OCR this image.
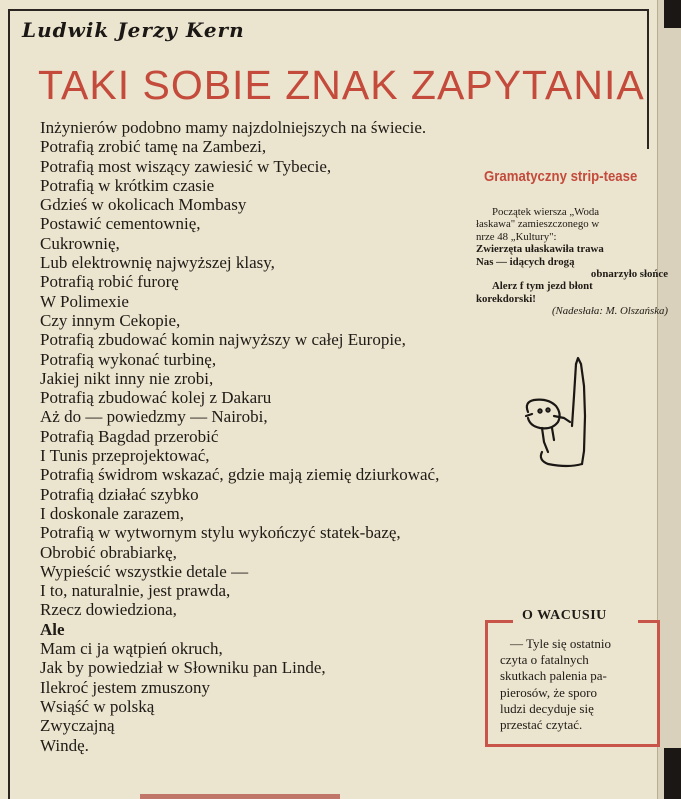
Ludwik Jerzy Kern
TAKI SOBIE ZNAK ZAPYTANIA
Inżynierów podobno mamy najzdolniejszych na świecie.
Potrafią zrobić tamę na Zambezi,
Potrafią most wiszący zawiesić w Tybecie,
Potrafią w krótkim czasie
Gdzieś w okolicach Mombasy
Postawić cementownię,
Cukrownię,
Lub elektrownię najwyższej klasy,
Potrafią robić furorę
W Polimexie
Czy innym Cekopie,
Potrafią zbudować komin najwyższy w całej Europie,
Potrafią wykonać turbinę,
Jakiej nikt inny nie zrobi,
Potrafią zbudować kolej z Dakaru
Aż do — powiedzmy — Nairobi,
Potrafią Bagdad przerobić
I Tunis przeprojektować,
Potrafią świdrom wskazać, gdzie mają ziemię dziurkować,
Potrafią działać szybko
I doskonale zarazem,
Potrafią w wytwornym stylu wykończyć statek-bazę,
Obrobić obrabiarkę,
Wypieścić wszystkie detale —
I to, naturalnie, jest prawda,
Rzecz dowiedziona,
Ale
Mam ci ja wątpień okruch,
Jak by powiedział w Słowniku pan Linde,
Ilekroć jestem zmuszony
Wsiąść w polską
Zwyczajną
Windę.
Gramatyczny strip-tease
Początek wiersza „Woda
łaskawa" zamieszczonego w
nrze 48 „Kultury":
Zwierzęta ułaskawiła trawa
Nas — idących drogą
obnarzyło słońce
Alerz f tym jezd błont
korekdorski!
(Nadesłała: M. Olszańska)
O WACUSIU
— Tyle się ostatnio
czyta o fatalnych
skutkach palenia pa-
pierosów, że sporo
ludzi decyduje się
przestać czytać.
